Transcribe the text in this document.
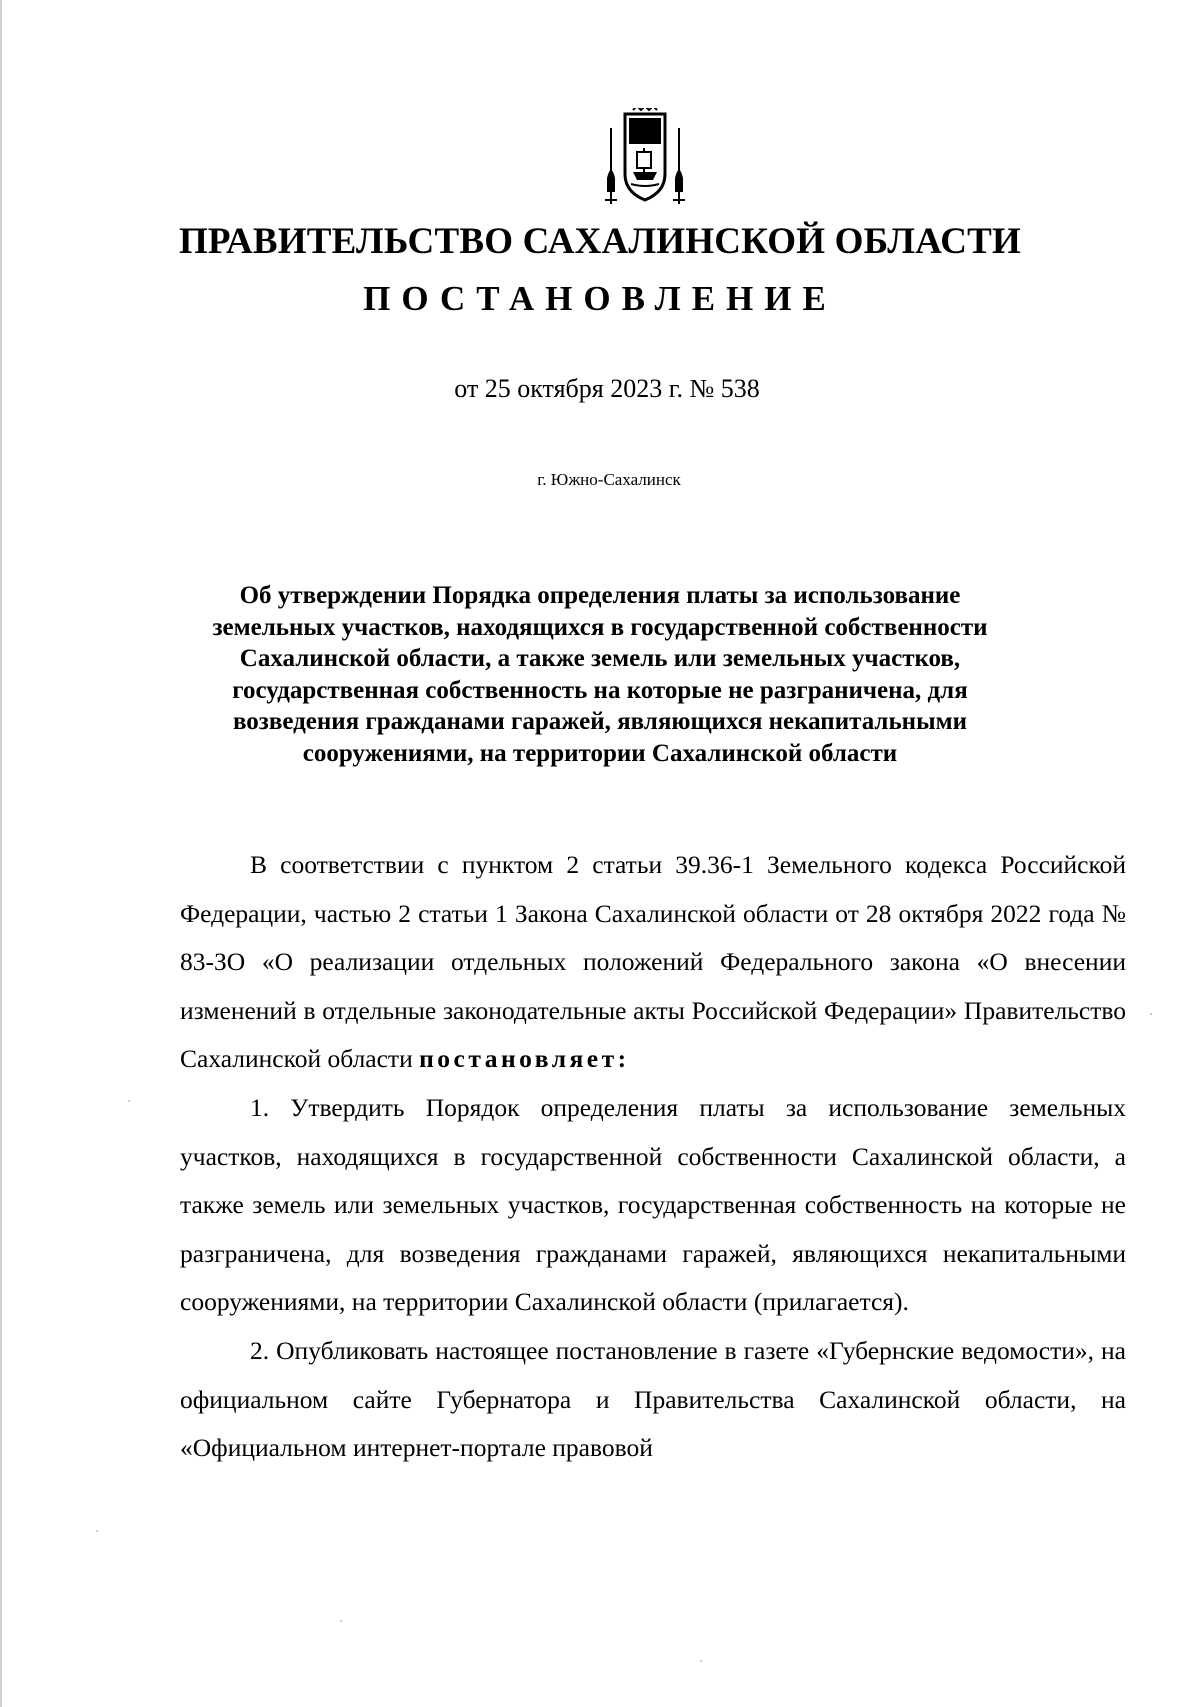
ПРАВИТЕЛЬСТВО САХАЛИНСКОЙ ОБЛАСТИ
ПОСТАНОВЛЕНИЕ

от 25 октября 2023 г. № 538

г. Южно-Сахалинск

Об утверждении Порядка определения платы за использование земельных участков, находящихся в государственной собственности Сахалинской области, а также земель или земельных участков, государственная собственность на которые не разграничена, для возведения гражданами гаражей, являющихся некапитальными сооружениями, на территории Сахалинской области

В соответствии с пунктом 2 статьи 39.36-1 Земельного кодекса Российской Федерации, частью 2 статьи 1 Закона Сахалинской области от 28 октября 2022 года № 83-ЗО «О реализации отдельных положений Федерального закона «О внесении изменений в отдельные законодательные акты Российской Федерации» Правительство Сахалинской области постановляет:

1. Утвердить Порядок определения платы за использование земельных участков, находящихся в государственной собственности Сахалинской области, а также земель или земельных участков, государственная собственность на которые не разграничена, для возведения гражданами гаражей, являющихся некапитальными сооружениями, на территории Сахалинской области (прилагается).

2. Опубликовать настоящее постановление в газете «Губернские ведомости», на официальном сайте Губернатора и Правительства Сахалинской области, на «Официальном интернет-портале правовой
